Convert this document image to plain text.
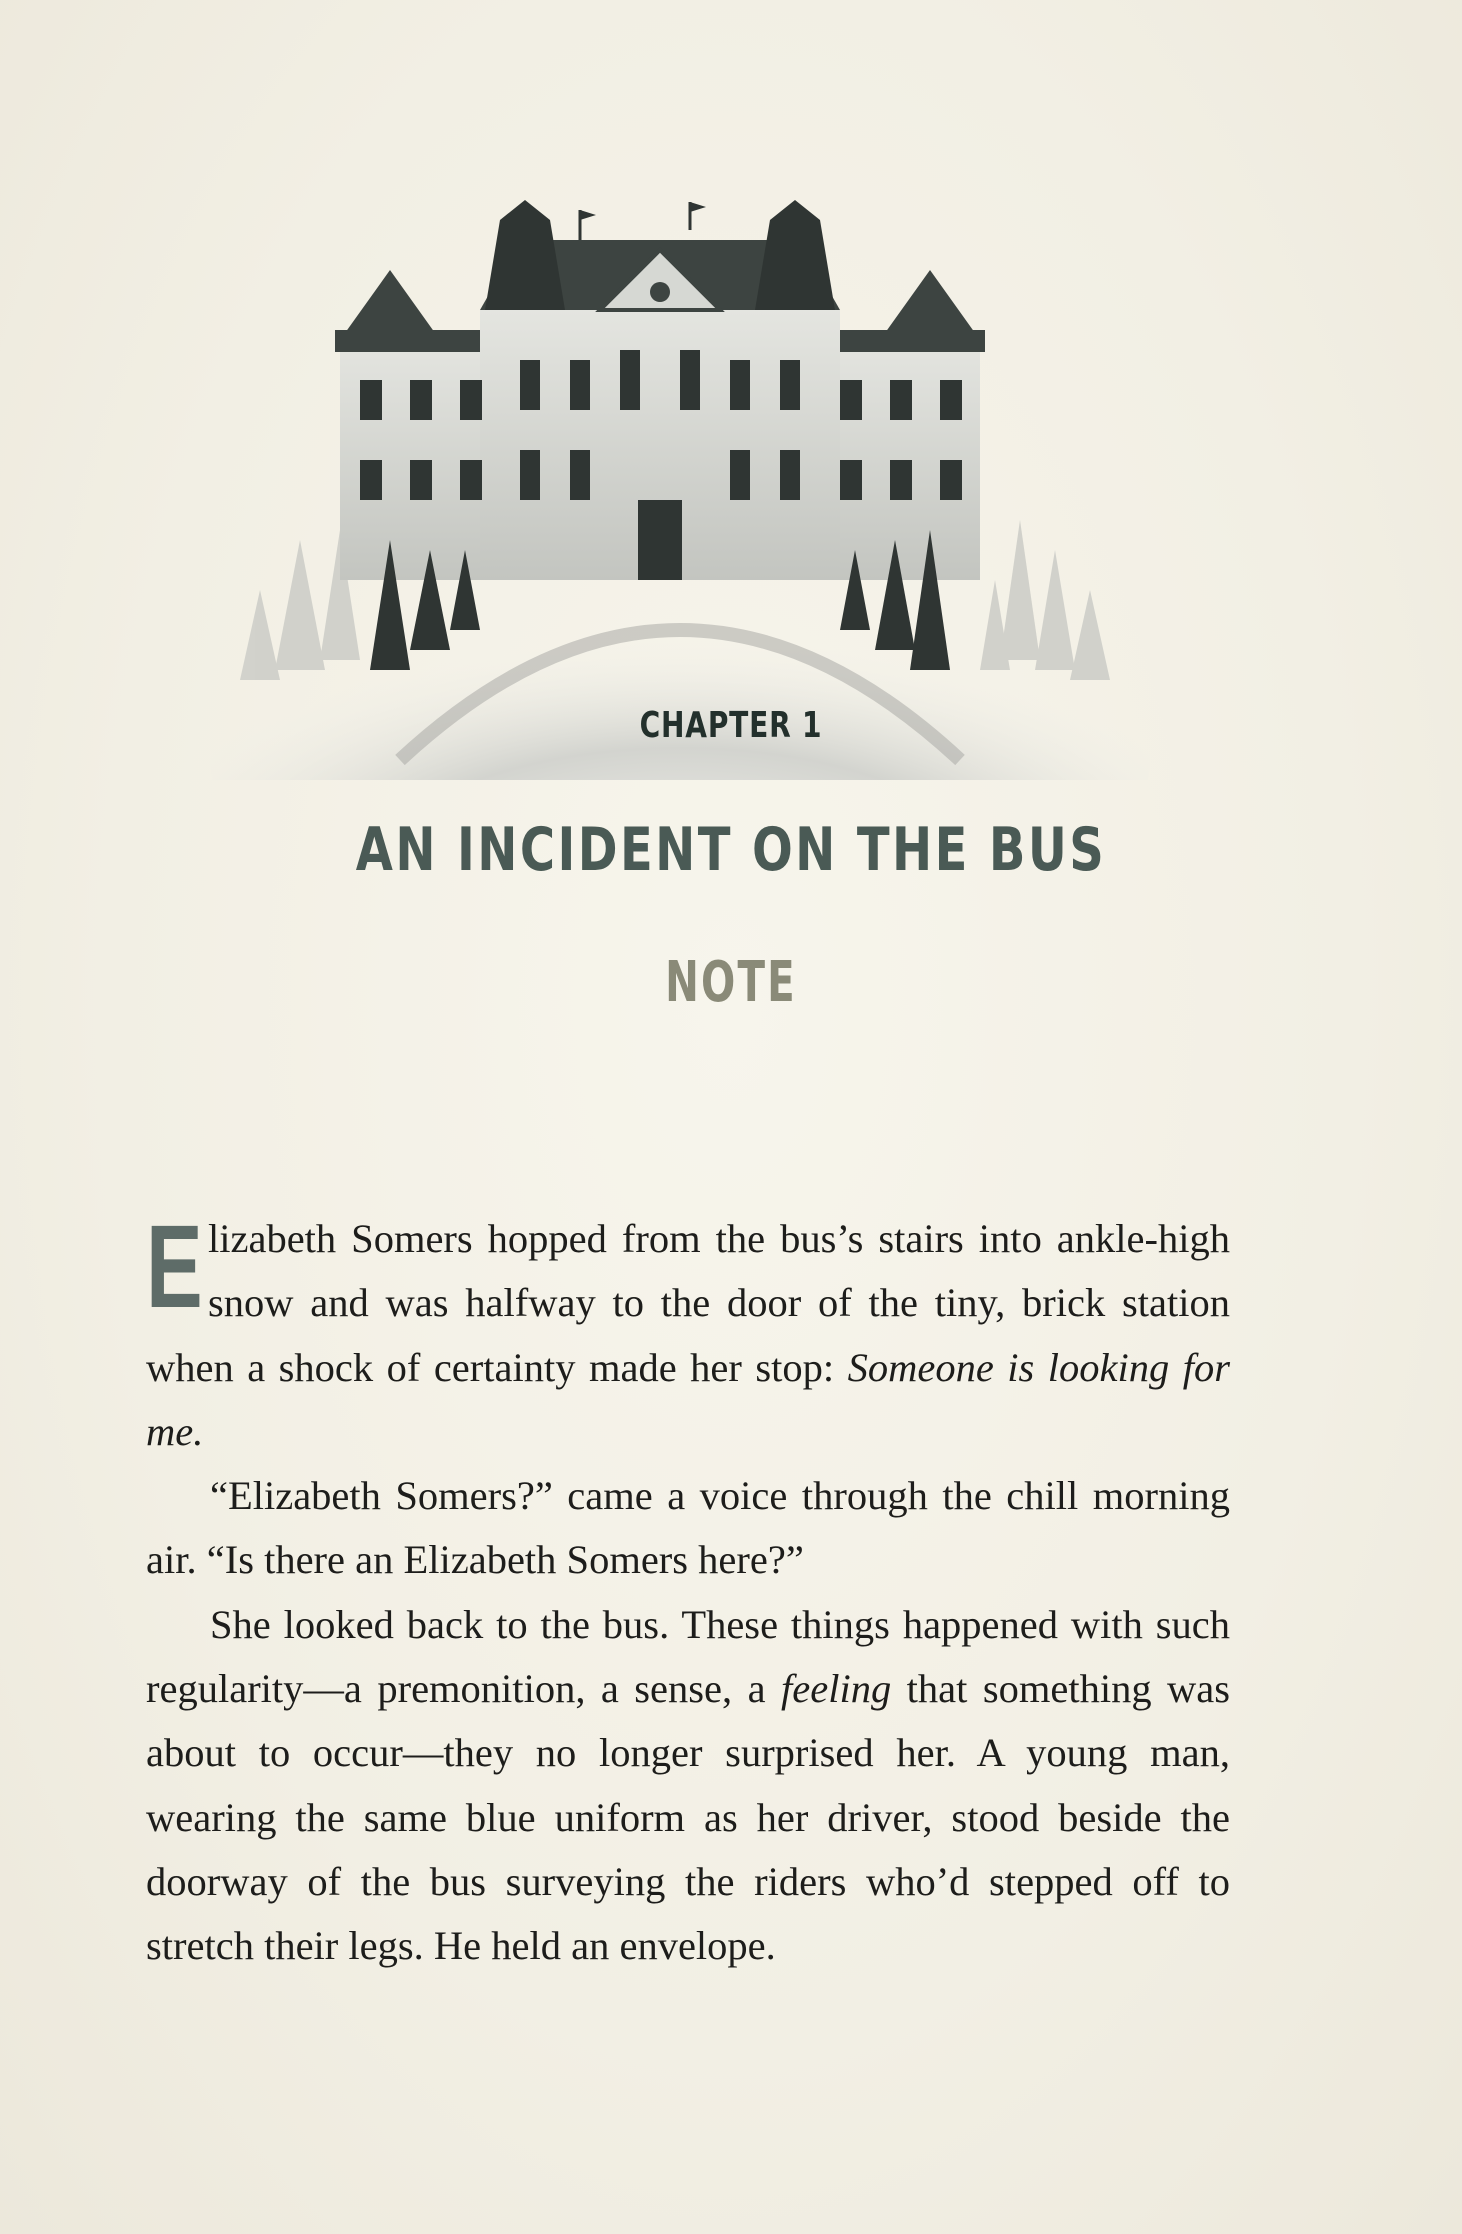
CHAPTER 1
AN INCIDENT ON THE BUS
NOTE

Elizabeth Somers hopped from the bus’s stairs into ankle-high snow and was halfway to the door of the tiny, brick station when a shock of certainty made her stop: Someone is looking for me.

“Elizabeth Somers?” came a voice through the chill morning air. “Is there an Elizabeth Somers here?”

She looked back to the bus. These things happened with such regularity—a premonition, a sense, a feeling that something was about to occur—they no longer surprised her. A young man, wearing the same blue uniform as her driver, stood beside the doorway of the bus surveying the riders who’d stepped off to stretch their legs. He held an envelope.
